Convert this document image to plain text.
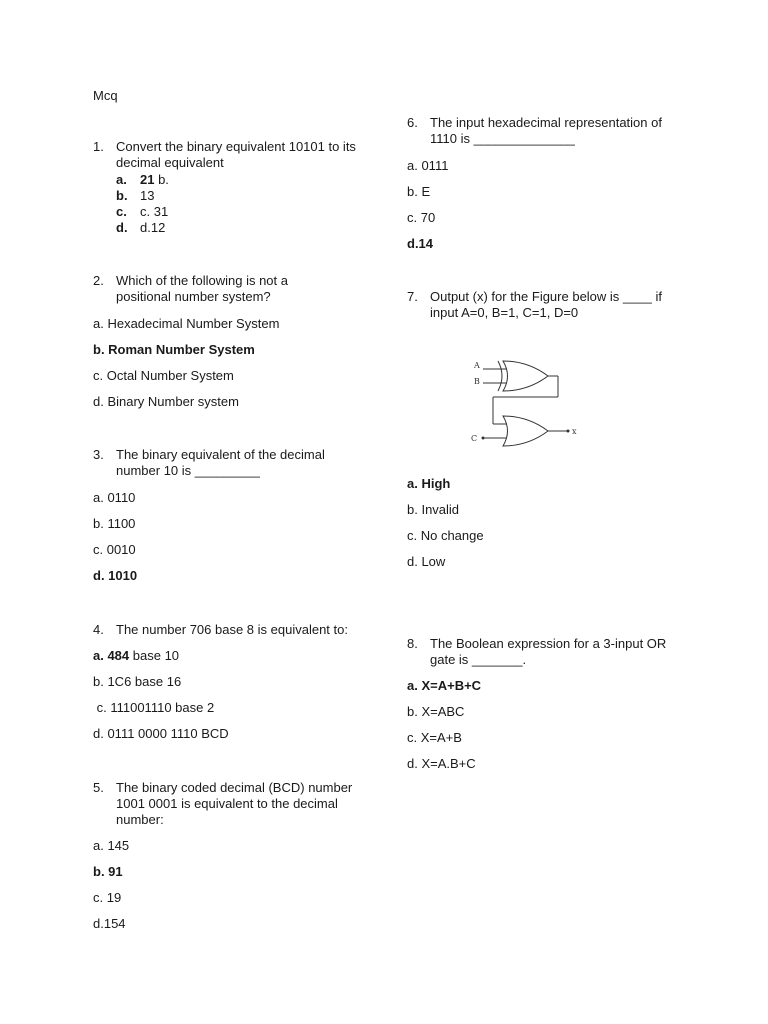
Mcq
1. Convert the binary equivalent 10101 to its decimal equivalent
a. 21 b.
b. 13
c. c. 31
d. d.12
2. Which of the following is not a positional number system?
a. Hexadecimal Number System
b. Roman Number System
c. Octal Number System
d. Binary Number system
3. The binary equivalent of the decimal number 10 is _________
a. 0110
b. 1100
c. 0010
d. 1010
4. The number 706 base 8 is equivalent to:
a. 484 base 10
b. 1C6 base 16
c. 111001110 base 2
d. 0111 0000 1110 BCD
5. The binary coded decimal (BCD) number 1001 0001 is equivalent to the decimal number:
a. 145
b. 91
c. 19
d.154
6. The input hexadecimal representation of 1110 is ______________
a. 0111
b. E
c. 70
d.14
7. Output (x) for the Figure below is ____ if input A=0, B=1, C=1, D=0
A
B
C
x
a. High
b. Invalid
c. No change
d. Low
8. The Boolean expression for a 3-input OR gate is _______.
a. X=A+B+C
b. X=ABC
c. X=A+B
d. X=A.B+C
